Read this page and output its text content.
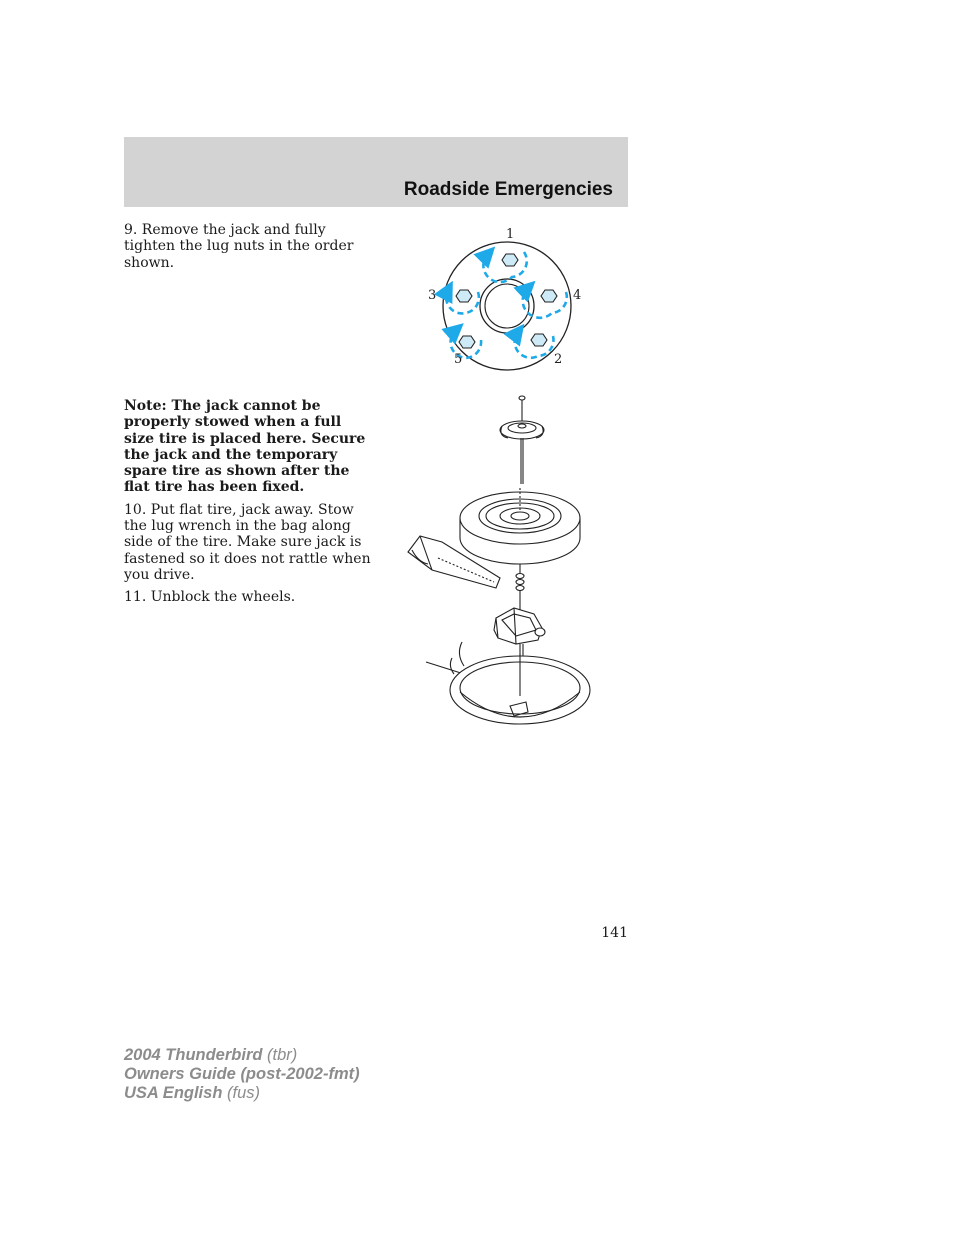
Roadside Emergencies

9. Remove the jack and fully tighten the lug nuts in the order shown.

Note: The jack cannot be properly stowed when a full size tire is placed here. Secure the jack and the temporary spare tire as shown after the flat tire has been fixed.

10. Put flat tire, jack away. Stow the lug wrench in the bag along side of the tire. Make sure jack is fastened so it does not rattle when you drive.

11. Unblock the wheels.

1
2
3	4
5
141
2004 Thunderbird (tbr)
Owners Guide (post-2002-fmt)
USA English (fus)
